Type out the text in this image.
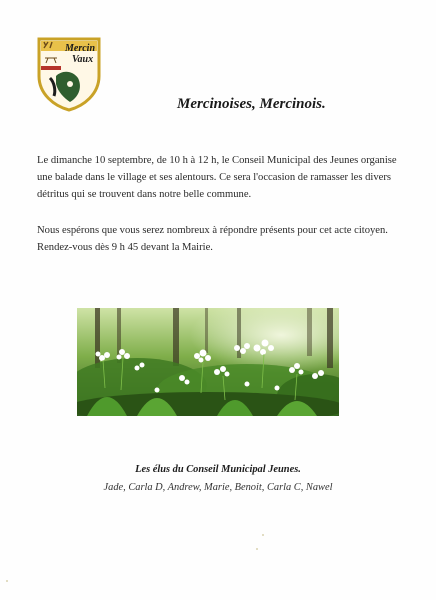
Mercin
Vaux
Mercinoises, Mercinois.
Le dimanche 10 septembre, de 10 h à 12 h, le Conseil Municipal des Jeunes organise
une balade dans le village et ses alentours. Ce sera l'occasion de ramasser les divers
détritus qui se trouvent dans notre belle commune.
Nous espérons que vous serez nombreux à répondre présents pour cet acte citoyen.
Rendez-vous dès 9 h 45 devant la Mairie.
Les élus du Conseil Municipal Jeunes.
Jade, Carla D, Andrew, Marie, Benoit, Carla C, Nawel
